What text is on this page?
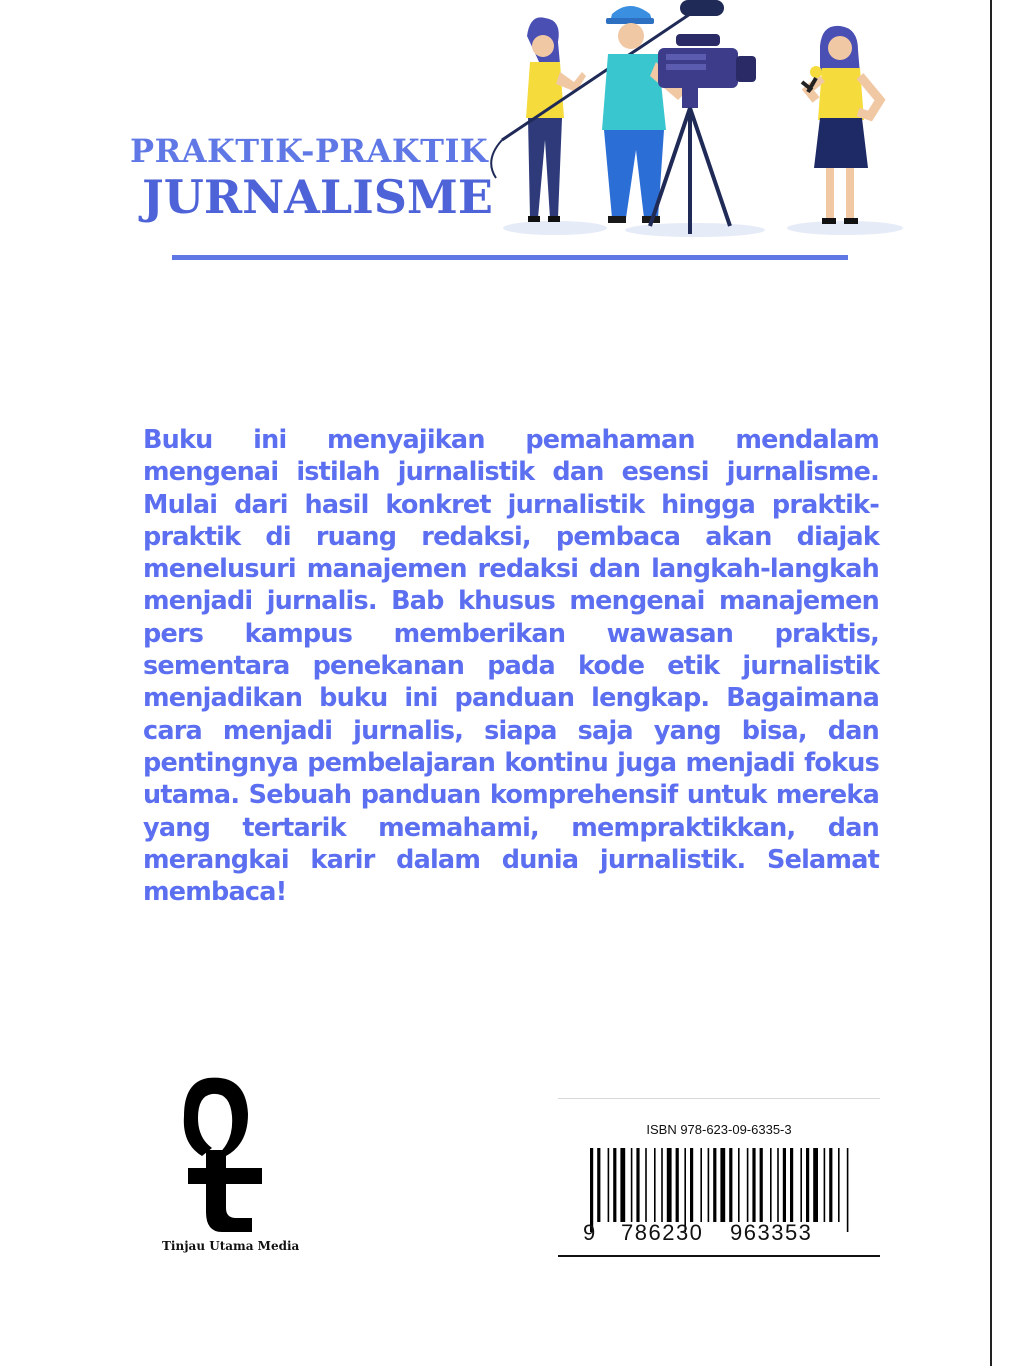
PRAKTIK-PRAKTIK
JURNALISME

Buku ini menyajikan pemahaman mendalam mengenai istilah jurnalistik dan esensi jurnalisme. Mulai dari hasil konkret jurnalistik hingga praktik-praktik di ruang redaksi, pembaca akan diajak menelusuri manajemen redaksi dan langkah-langkah menjadi jurnalis. Bab khusus mengenai manajemen pers kampus memberikan wawasan praktis, sementara penekanan pada kode etik jurnalistik menjadikan buku ini panduan lengkap. Bagaimana cara menjadi jurnalis, siapa saja yang bisa, dan pentingnya pembelajaran kontinu juga menjadi fokus utama. Sebuah panduan komprehensif untuk mereka yang tertarik memahami, mempraktikkan, dan merangkai karir dalam dunia jurnalistik. Selamat membaca!

Tinjau Utama Media
ISBN 978-623-09-6335-3
9 786230 963353
